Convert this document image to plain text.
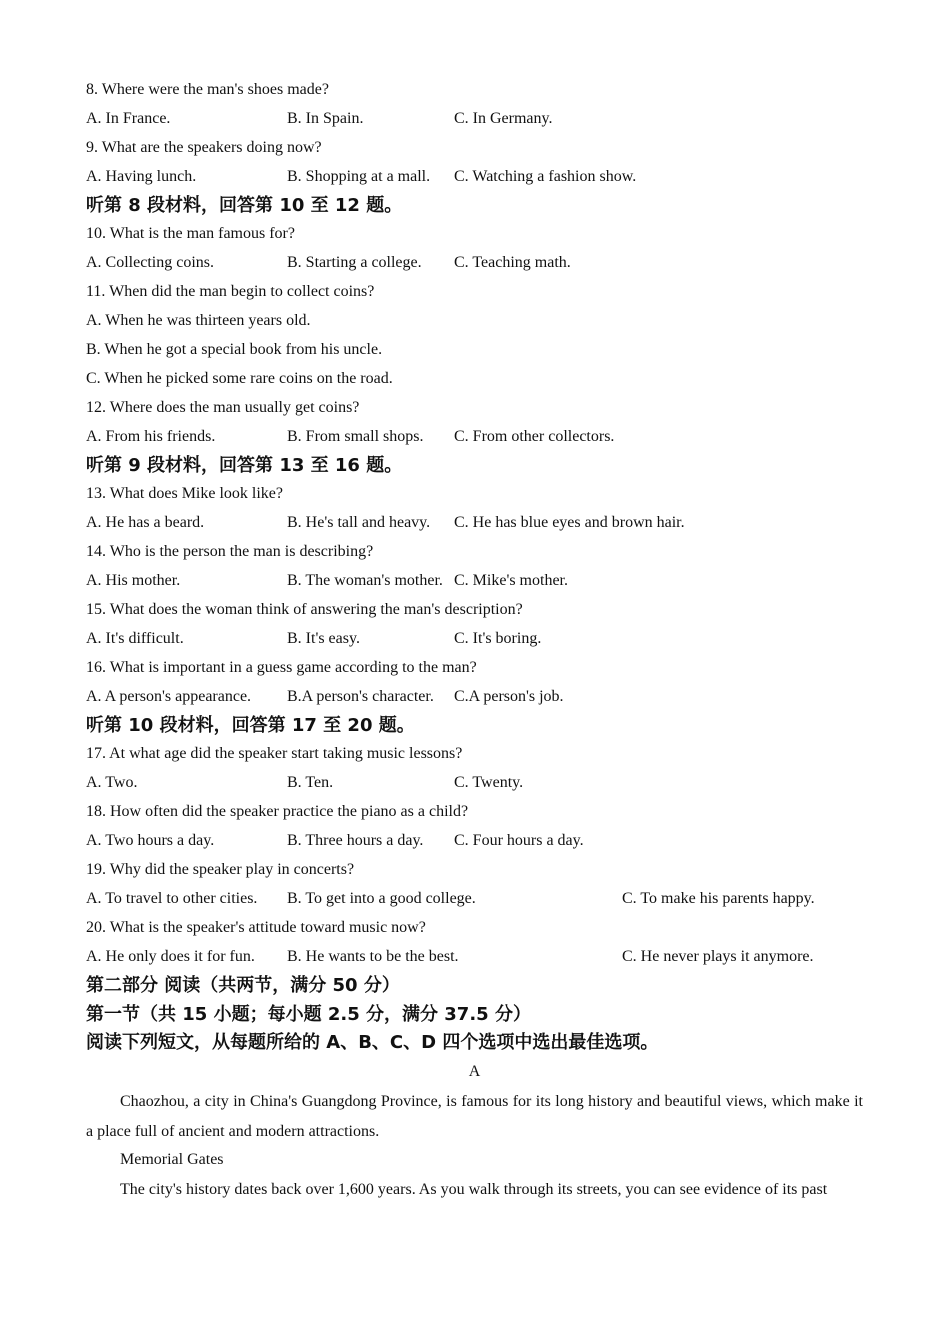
8. Where were the man's shoes made?
A. In France.	B. In Spain.	C. In Germany.
9. What are the speakers doing now?
A. Having lunch.	B. Shopping at a mall. C. Watching a fashion show.
听第 8 段材料，回答第 10 至 12 题。
10. What is the man famous for?
A. Collecting coins.	B. Starting a college. C. Teaching math.
11. When did the man begin to collect coins?
A. When he was thirteen years old.
B. When he got a special book from his uncle.
C. When he picked some rare coins on the road.
12. Where does the man usually get coins?
A. From his friends.	B. From small shops. C. From other collectors.
听第 9 段材料，回答第 13 至 16 题。
13. What does Mike look like?
A. He has a beard.	B. He's tall and heavy. C. He has blue eyes and brown hair.
14. Who is the person the man is describing?
A. His mother.	B. The woman's mother. C. Mike's mother.
15. What does the woman think of answering the man's description?
A. It's difficult.	B. It's easy.	C. It's boring.
16. What is important in a guess game according to the man?
A. A person's appearance. B.A person's character. C.A person's job.
听第 10 段材料，回答第 17 至 20 题。
17. At what age did the speaker start taking music lessons?
A. Two.	B. Ten.	C. Twenty.
18. How often did the speaker practice the piano as a child?
A. Two hours a day.	B. Three hours a day. C. Four hours a day.
19. Why did the speaker play in concerts?
A. To travel to other cities. B. To get into a good college.	C. To make his parents happy.
20. What is the speaker's attitude toward music now?
A. He only does it for fun. B. He wants to be the best.	C. He never plays it anymore.
第二部分 阅读（共两节，满分 50 分）
第一节（共 15 小题；每小题 2.5 分，满分 37.5 分）
阅读下列短文，从每题所给的 A、B、C、D 四个选项中选出最佳选项。
A
Chaozhou, a city in China's Guangdong Province, is famous for its long history and beautiful views, which make it a place full of ancient and modern attractions.
Memorial Gates
The city's history dates back over 1,600 years. As you walk through its streets, you can see evidence of its past
